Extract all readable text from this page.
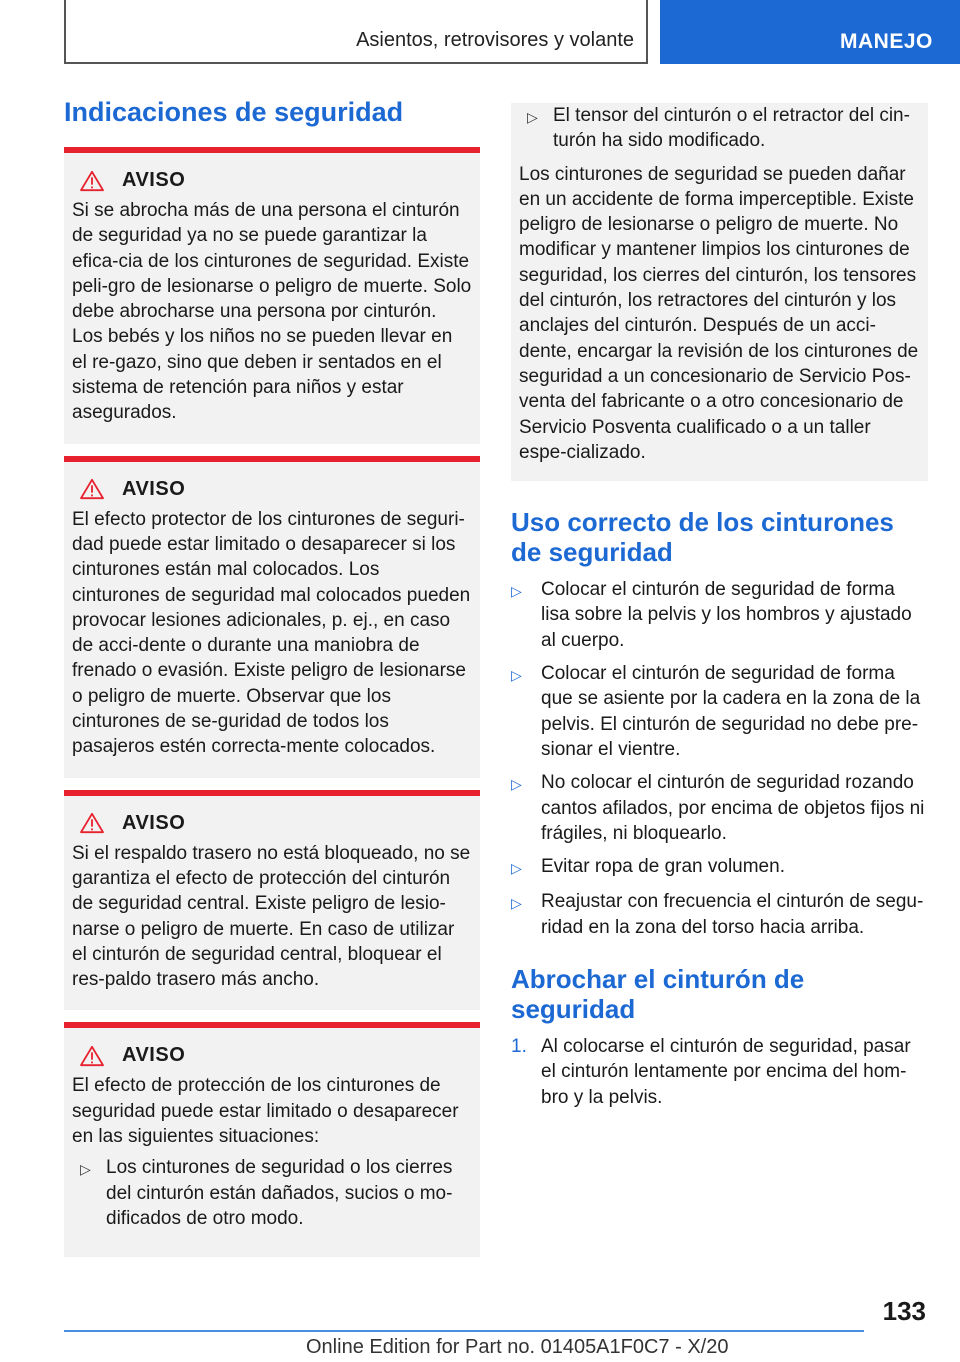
Asientos, retrovisores y volante	MANEJO
Indicaciones de seguridad
AVISO
Si se abrocha más de una persona el cinturón de seguridad ya no se puede garantizar la efica‐cia de los cinturones de seguridad. Existe peli‐gro de lesionarse o peligro de muerte. Solo debe abrocharse una persona por cinturón. Los bebés y los niños no se pueden llevar en el re‐gazo, sino que deben ir sentados en el sistema de retención para niños y estar asegurados.
AVISO
El efecto protector de los cinturones de seguri‐dad puede estar limitado o desaparecer si los cinturones están mal colocados. Los cinturones de seguridad mal colocados pueden provocar lesiones adicionales, p. ej., en caso de acci‐dente o durante una maniobra de frenado o evasión. Existe peligro de lesionarse o peligro de muerte. Observar que los cinturones de se‐guridad de todos los pasajeros estén correcta‐mente colocados.
AVISO
Si el respaldo trasero no está bloqueado, no se garantiza el efecto de protección del cinturón de seguridad central. Existe peligro de lesio‐narse o peligro de muerte. En caso de utilizar el cinturón de seguridad central, bloquear el res‐paldo trasero más ancho.
AVISO
El efecto de protección de los cinturones de seguridad puede estar limitado o desaparecer en las siguientes situaciones:
▷ Los cinturones de seguridad o los cierres del cinturón están dañados, sucios o mo‐dificados de otro modo.
▷ El tensor del cinturón o el retractor del cin‐turón ha sido modificado.

Los cinturones de seguridad se pueden dañar en un accidente de forma imperceptible. Existe peligro de lesionarse o peligro de muerte. No modificar y mantener limpios los cinturones de seguridad, los cierres del cinturón, los tensores del cinturón, los retractores del cinturón y los anclajes del cinturón. Después de un acci‐dente, encargar la revisión de los cinturones de seguridad a un concesionario de Servicio Pos‐venta del fabricante o a otro concesionario de Servicio Posventa cualificado o a un taller espe‐cializado.

Uso correcto de los cinturones de seguridad
▷	Colocar el cinturón de seguridad de forma lisa sobre la pelvis y los hombros y ajustado al cuerpo.
▷	Colocar el cinturón de seguridad de forma que se asiente por la cadera en la zona de la pelvis. El cinturón de seguridad no debe pre‐sionar el vientre.
▷	No colocar el cinturón de seguridad rozando cantos afilados, por encima de objetos fijos ni frágiles, ni bloquearlo.
▷	Evitar ropa de gran volumen.
▷	Reajustar con frecuencia el cinturón de segu‐ridad en la zona del torso hacia arriba.
Abrochar el cinturón de seguridad
1. Al colocarse el cinturón de seguridad, pasar el cinturón lentamente por encima del hom‐bro y la pelvis.
133
Online Edition for Part no. 01405A1F0C7 - X/20
